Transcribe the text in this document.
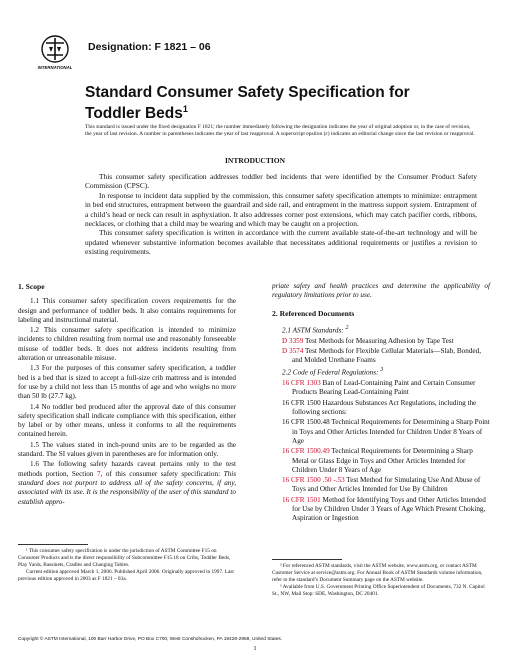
INTERNATIONAL
Designation: F 1821 – 06
Standard Consumer Safety Specification for Toddler Beds$^1$
This standard is issued under the fixed designation F 1821; the number immediately following the designation indicates the year of original adoption or, in the case of revision, the year of last revision. A number in parentheses indicates the year of last reapproval. A superscript epsilon (ε) indicates an editorial change since the last revision or reapproval.
INTRODUCTION

This consumer safety specification addresses toddler bed incidents that were identified by the Consumer Product Safety Commission (CPSC).

In response to incident data supplied by the commission, this consumer safety specification attempts to minimize: entrapment in bed end structures, entrapment between the guardrail and side rail, and entrapment in the mattress support system. Entrapment of a child’s head or neck can result in asphyxiation. It also addresses corner post extensions, which may catch pacifier cords, ribbons, necklaces, or clothing that a child may be wearing and which may be caught on a projection.

This consumer safety specification is written in accordance with the current available state-of-the-art technology and will be updated whenever substantive information becomes available that necessitates additional requirements or justifies a revision to existing requirements.

1. Scope

1.1 This consumer safety specification covers requirements for the design and performance of toddler beds. It also contains requirements for labeling and instructional material.

1.2 This consumer safety specification is intended to minimize incidents to children resulting from normal use and reasonably foreseeable misuse of toddler beds. It does not address incidents resulting from alteration or unreasonable misuse.

1.3 For the purposes of this consumer safety specification, a toddler bed is a bed that is sized to accept a full-size crib mattress and is intended for use by a child not less than 15 months of age and who weighs no more than 50 lb (27.7 kg).

1.4 No toddler bed produced after the approval date of this consumer safety specification shall indicate compliance with this specification, either by label or by other means, unless it conforms to all the requirements contained herein.

1.5 The values stated in inch-pound units are to be regarded as the standard. The SI values given in parentheses are for information only.

1.6 The following safety hazards caveat pertains only to the test methods portion, Section 7, of this consumer safety specification: This standard does not purport to address all of the safety concerns, if any, associated with its use. It is the responsibility of the user of this standard to establish appro-

priate safety and health practices and determine the applicability of regulatory limitations prior to use.

2. Referenced Documents

2.1 ASTM Standards: $^2$

D 3359 Test Methods for Measuring Adhesion by Tape Test

D 3574 Test Methods for Flexible Cellular Materials—Slab, Bonded, and Molded Urethane Foams

2.2 Code of Federal Regulations: $^3$

16 CFR 1303 Ban of Lead-Containing Paint and Certain Consumer Products Bearing Lead-Containing Paint

16 CFR 1500 Hazardous Substances Act Regulations, including the following sections:

16 CFR 1500.48 Technical Requirements for Determining a Sharp Point in Toys and Other Articles Intended for Children Under 8 Years of Age

16 CFR 1500.49 Technical Requirements for Determining a Sharp Metal or Glass Edge in Toys and Other Articles Intended for Children Under 8 Years of Age

16 CFR 1500 .50 -.53 Test Method for Simulating Use And Abuse of Toys and Other Articles Intended for Use By Children

16 CFR 1501 Method for Identifying Toys and Other Articles Intended for Use by Children Under 3 Years of Age Which Present Choking, Aspiration or Ingestion

¹ This consumer safety specification is under the jurisdiction of ASTM Committee F15 on Consumer Products and is the direct responsibility of Subcommittee F15.18 on Cribs, Toddler Beds, Play Yards, Bassinets, Cradles and Changing Tables.

Current edition approved March 1, 2006. Published April 2006. Originally approved in 1997. Last previous edition approved in 2003 as F 1821 – 03a.

² For referenced ASTM standards, visit the ASTM website, www.astm.org, or contact ASTM Customer Service at service@astm.org. For Annual Book of ASTM Standards volume information, refer to the standard’s Document Summary page on the ASTM website.

³ Available from U.S. Government Printing Office Superintendent of Documents, 732 N. Capitol St., NW, Mail Stop: SDE, Washington, DC 20401.

Copyright © ASTM International, 100 Barr Harbor Drive, PO Box C700, West Conshohocken, PA 19428-2959, United States.
1
